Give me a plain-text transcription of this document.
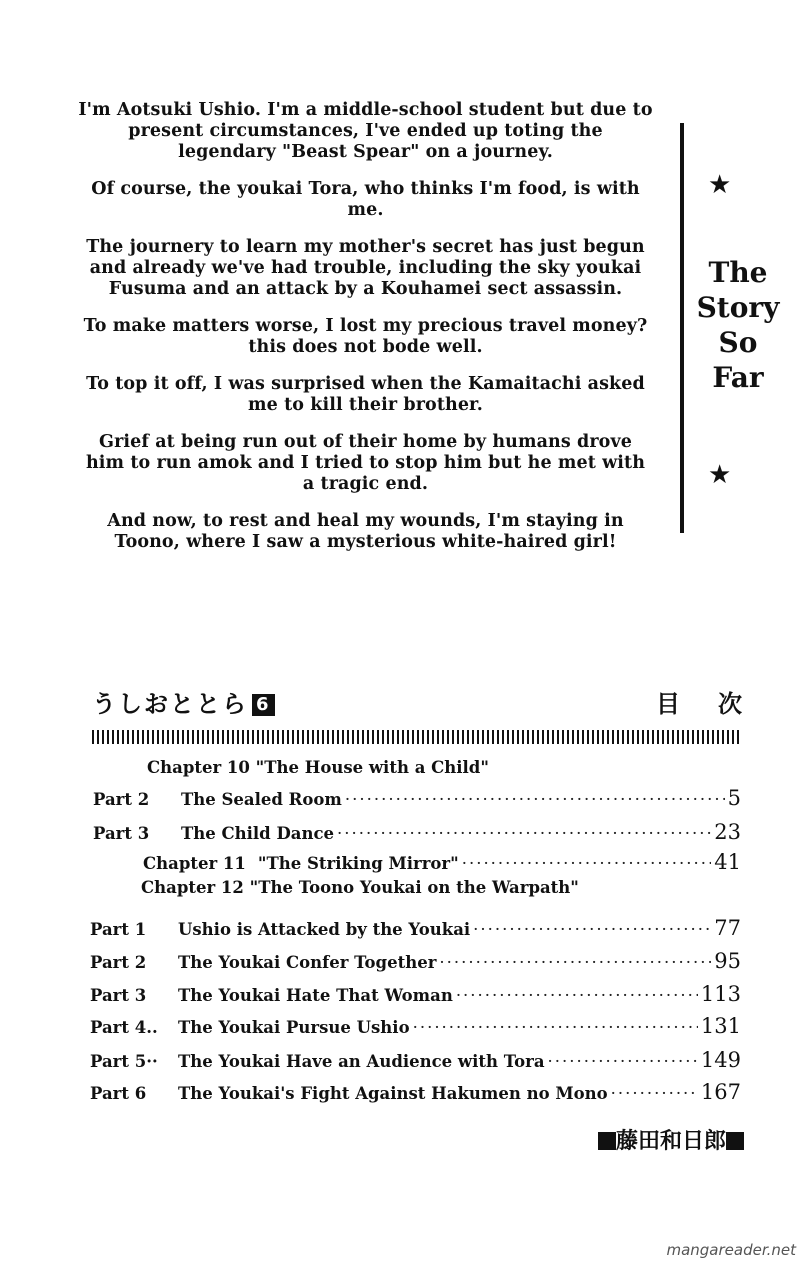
I'm Aotsuki Ushio. I'm a middle-school student but due to present circumstances, I've ended up toting the legendary "Beast Spear" on a journey.

Of course, the youkai Tora, who thinks I'm food, is with me.

The journery to learn my mother's secret has just begun and already we've had trouble, including the sky youkai Fusuma and an attack by a Kouhamei sect assassin.

To make matters worse, I lost my precious travel money?this does not bode well.

To top it off, I was surprised when the Kamaitachi asked me to kill their brother.

Grief at being run out of their home by humans drove him to run amok and I tried to stop him but he met with a tragic end.

And now, to rest and heal my wounds, I'm staying in Toono, where I saw a mysterious white-haired girl!

★
The
Story
So
Far
★
うしおととら 6	目次
Chapter 10 "The House with a Child"
Part 2	The Sealed Room ·····	5
Part 3	The Child Dance ·····	23
Chapter 11 "The Striking Mirror" ·····	41
Chapter 12 "The Toono Youkai on the Warpath"
Part 1	Ushio is Attacked by the Youkai ·····	77
Part 2	The Youkai Confer Together ·····	95
Part 3	The Youkai Hate That Woman ·····	113
Part 4..	The Youkai Pursue Ushio ·····	131
Part 5··	The Youkai Have an Audience with Tora ·····	149
Part 6	The Youkai's Fight Against Hakumen no Mono ·····	167
藤田和日郎
mangareader.net
